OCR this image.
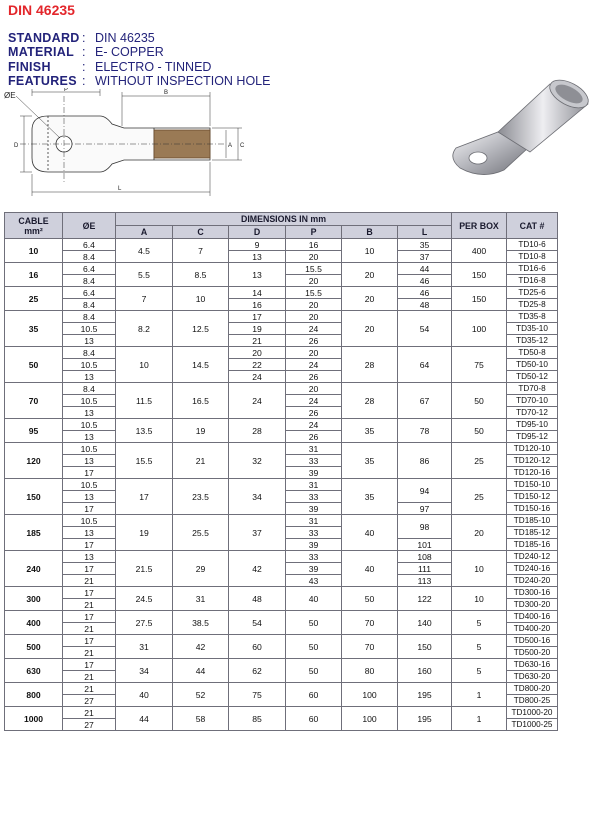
DIN 46235
STANDARD : DIN 46235
MATERIAL : E- COPPER
FINISH : ELECTRO - TINNED
FEATURES : WITHOUT INSPECTION HOLE
ØE
P	B
D	A C
L
CABLE
mm²	ØE	DIMENSIONS IN mm						PER BOX	CAT #
		A	C	D	P	B	L		
10	6.4	4.5	7	9	16	10	35	400	TD10-6
	8.4			13	20		37		TD10-8
16	6.4	5.5	8.5	13	15.5	20	44	150	TD16-6
	8.4				20		46		TD16-8
25	6.4	7	10	14	15.5	20	46	150	TD25-6
	8.4			16	20		48		TD25-8
35	8.4	8.2	12.5	17	20	20	54	100	TD35-8
	10.5			19	24				TD35-10
	13			21	26				TD35-12
50	8.4	10	14.5	20	20	28	64	75	TD50-8
	10.5			22	24				TD50-10
	13			24	26				TD50-12
70	8.4	11.5	16.5	24	20	28	67	50	TD70-8
	10.5				24				TD70-10
	13				26				TD70-12
95	10.5	13.5	19	28	24	35	78	50	TD95-10
	13				26				TD95-12
120	10.5	15.5	21	32	31	35	86	25	TD120-10
	13				33				TD120-12
	17				39				TD120-16
150	10.5	17	23.5	34	31	35	94	25	TD150-10
	13				33				TD150-12
	17				39		97		TD150-16
185	10.5	19	25.5	37	31	40	98	20	TD185-10
	13				33				TD185-12
	17				39		101		TD185-16
240	13	21.5	29	42	33	40	108	10	TD240-12
	17				39		111		TD240-16
	21				43		113		TD240-20
300	17	24.5	31	48	40	50	122	10	TD300-16
	21								TD300-20
400	17	27.5	38.5	54	50	70	140	5	TD400-16
	21								TD400-20
500	17	31	42	60	50	70	150	5	TD500-16
	21								TD500-20
630	17	34	44	62	50	80	160	5	TD630-16
	21								TD630-20
800	21	40	52	75	60	100	195	1	TD800-20
	27								TD800-25
1000	21	44	58	85	60	100	195	1	TD1000-20
	27								TD1000-25
